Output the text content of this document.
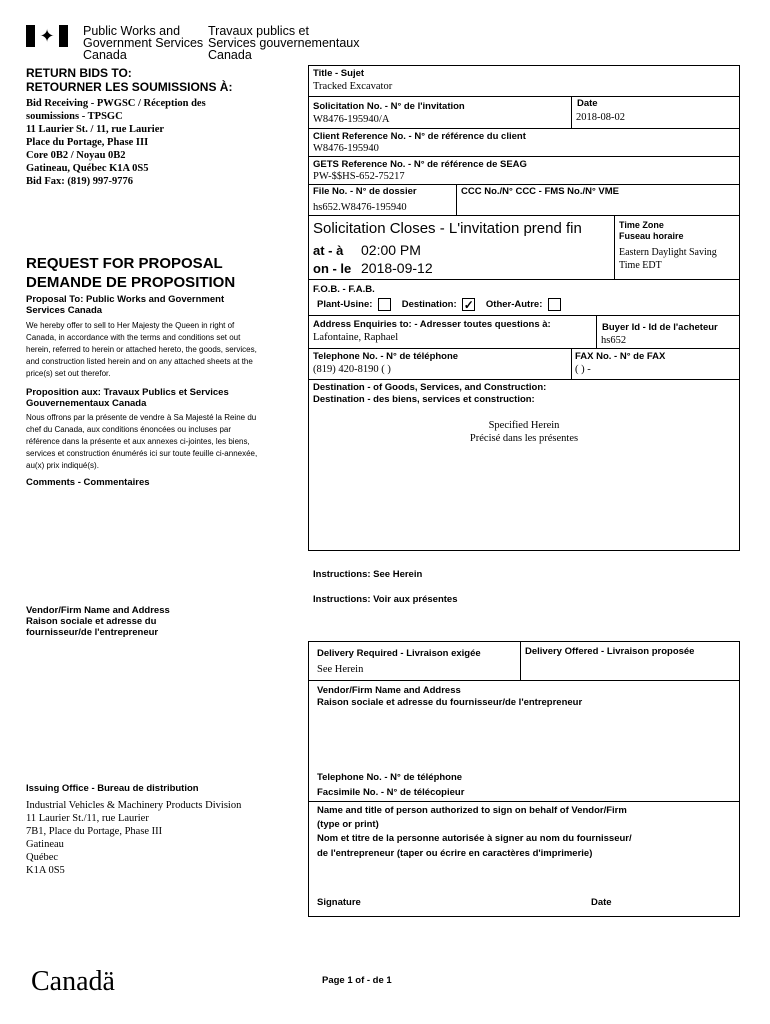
✦ Public Works and
Government Services
Canada
Travaux publics et
Services gouvernementaux
Canada
RETURN BIDS TO:
RETOURNER LES SOUMISSIONS À:
Bid Receiving - PWGSC / Réception des
soumissions - TPSGC
11 Laurier St. / 11, rue Laurier
Place du Portage, Phase III
Core 0B2 / Noyau 0B2
Gatineau, Québec K1A 0S5
Bid Fax: (819) 997-9776
REQUEST FOR PROPOSAL
DEMANDE DE PROPOSITION
Proposal To: Public Works and Government Services Canada
We hereby offer to sell to Her Majesty the Queen in right of Canada, in accordance with the terms and conditions set out herein, referred to herein or attached hereto, the goods, services, and construction listed herein and on any attached sheets at the price(s) set out therefor.
Proposition aux: Travaux Publics et Services Gouvernementaux Canada
Nous offrons par la présente de vendre à Sa Majesté la Reine du chef du Canada, aux conditions énoncées ou incluses par référence dans la présente et aux annexes ci-jointes, les biens, services et construction énumérés ici sur toute feuille ci-annexée, au(x) prix indiqué(s).
Comments - Commentaires
Vendor/Firm Name and Address
Raison sociale et adresse du
fournisseur/de l'entrepreneur
Issuing Office - Bureau de distribution
Industrial Vehicles & Machinery Products Division
11 Laurier St./11, rue Laurier
7B1, Place du Portage, Phase III
Gatineau
Québec
K1A 0S5
Title - Sujet
Tracked Excavator
Solicitation No. - N° de l'invitation
W8476-195940/A
Date
2018-08-02
Client Reference No. - N° de référence du client
W8476-195940
GETS Reference No. - N° de référence de SEAG
PW-$$HS-652-75217
File No. - N° de dossier
hs652.W8476-195940
CCC No./N° CCC - FMS No./N° VME
Solicitation Closes - L'invitation prend fin
at - à 02:00 PM
on - le 2018-09-12
Time Zone
Fuseau horaire
Eastern Daylight Saving
Time EDT
F.O.B. - F.A.B.
Plant-Usine:	Destination: ✓ Other-Autre:
Address Enquiries to: - Adresser toutes questions à:
Lafontaine, Raphael
Buyer Id - Id de l'acheteur
hs652
Telephone No. - N° de téléphone
(819) 420-8190 ( )
FAX No. - N° de FAX
( ) -
Destination - of Goods, Services, and Construction:
Destination - des biens, services et construction:
Specified Herein
Précisé dans les présentes
Instructions: See Herein
Instructions: Voir aux présentes
Delivery Required - Livraison exigée
See Herein
Delivery Offered - Livraison proposée
Vendor/Firm Name and Address
Raison sociale et adresse du fournisseur/de l'entrepreneur
Telephone No. - N° de téléphone
Facsimile No. - N° de télécopieur
Name and title of person authorized to sign on behalf of Vendor/Firm
(type or print)
Nom et titre de la personne autorisée à signer au nom du fournisseur/
de l'entrepreneur (taper ou écrire en caractères d'imprimerie)
Signature	Date
Canadä	Page 1 of - de 1
